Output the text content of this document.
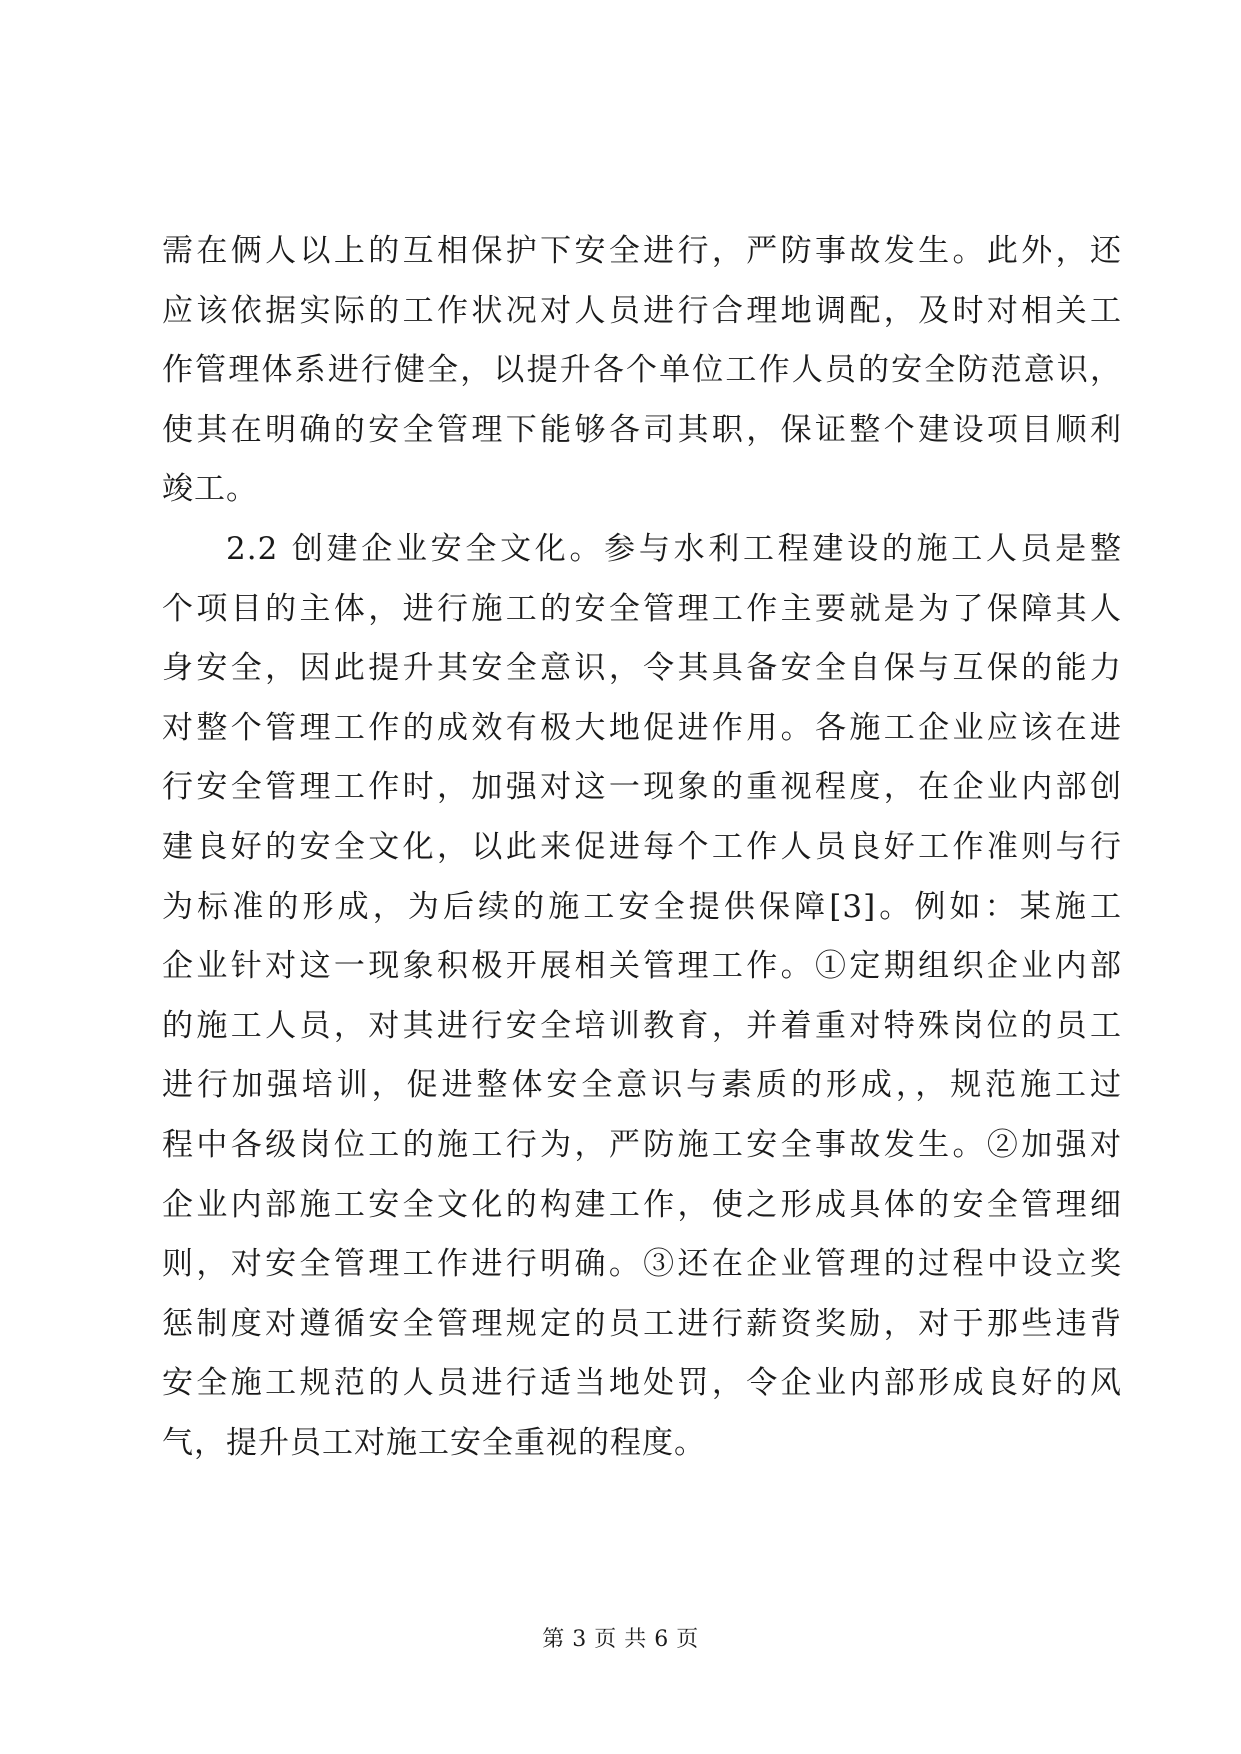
需在俩人以上的互相保护下安全进行，严防事故发生。此外，还
应该依据实际的工作状况对人员进行合理地调配，及时对相关工
作管理体系进行健全，以提升各个单位工作人员的安全防范意识，
使其在明确的安全管理下能够各司其职，保证整个建设项目顺利
竣工。
2.2 创建企业安全文化。参与水利工程建设的施工人员是整
个项目的主体，进行施工的安全管理工作主要就是为了保障其人
身安全，因此提升其安全意识，令其具备安全自保与互保的能力
对整个管理工作的成效有极大地促进作用。各施工企业应该在进
行安全管理工作时，加强对这一现象的重视程度，在企业内部创
建良好的安全文化，以此来促进每个工作人员良好工作准则与行
为标准的形成，为后续的施工安全提供保障[3]。例如：某施工
企业针对这一现象积极开展相关管理工作。①定期组织企业内部
的施工人员，对其进行安全培训教育，并着重对特殊岗位的员工
进行加强培训，促进整体安全意识与素质的形成，，规范施工过
程中各级岗位工的施工行为，严防施工安全事故发生。②加强对
企业内部施工安全文化的构建工作，使之形成具体的安全管理细
则，对安全管理工作进行明确。③还在企业管理的过程中设立奖
惩制度对遵循安全管理规定的员工进行薪资奖励，对于那些违背
安全施工规范的人员进行适当地处罚，令企业内部形成良好的风
气，提升员工对施工安全重视的程度。
第 3 页 共 6 页
